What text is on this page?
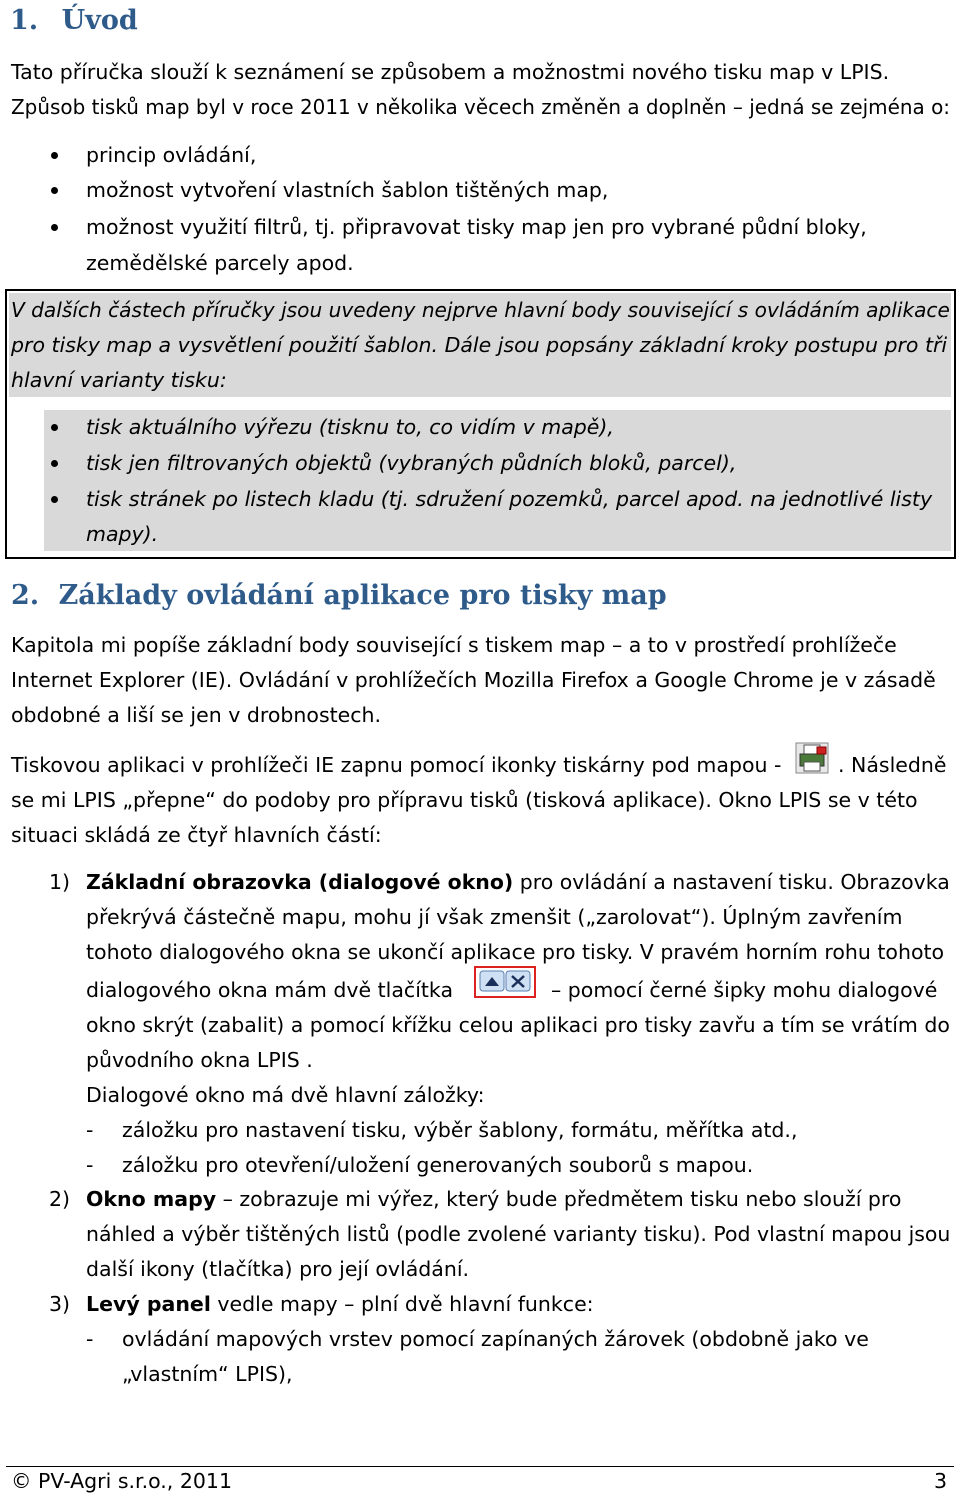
1. Úvod
Tato příručka slouží k seznámení se způsobem a možnostmi nového tisku map v LPIS.
Způsob tisků map byl v roce 2011 v několika věcech změněn a doplněn – jedná se zejména o:
princip ovládání,
možnost vytvoření vlastních šablon tištěných map,
možnost využití filtrů, tj. připravovat tisky map jen pro vybrané půdní bloky,
zemědělské parcely apod.
V dalších částech příručky jsou uvedeny nejprve hlavní body související s ovládáním aplikace
pro tisky map a vysvětlení použití šablon. Dále jsou popsány základní kroky postupu pro tři
hlavní varianty tisku:
tisk aktuálního výřezu (tisknu to, co vidím v mapě),
tisk jen filtrovaných objektů (vybraných půdních bloků, parcel),
tisk stránek po listech kladu (tj. sdružení pozemků, parcel apod. na jednotlivé listy
mapy).
2. Základy ovládání aplikace pro tisky map
Kapitola mi popíše základní body související s tiskem map – a to v prostředí prohlížeče
Internet Explorer (IE). Ovládání v prohlížečích Mozilla Firefox a Google Chrome je v zásadě
obdobné a liší se jen v drobnostech.
Tiskovou aplikaci v prohlížeči IE zapnu pomocí ikonky tiskárny pod mapou -	. Následně
se mi LPIS „přepne“ do podoby pro přípravu tisků (tisková aplikace). Okno LPIS se v této
situaci skládá ze čtyř hlavních částí:
1) Základní obrazovka (dialogové okno) pro ovládání a nastavení tisku. Obrazovka
překrývá částečně mapu, mohu jí však zmenšit („zarolovat“). Úplným zavřením
tohoto dialogového okna se ukončí aplikace pro tisky. V pravém horním rohu tohoto
dialogového okna mám dvě tlačítka	– pomocí černé šipky mohu dialogové
okno skrýt (zabalit) a pomocí křížku celou aplikaci pro tisky zavřu a tím se vrátím do
původního okna LPIS .
Dialogové okno má dvě hlavní záložky:
- záložku pro nastavení tisku, výběr šablony, formátu, měřítka atd.,
- záložku pro otevření/uložení generovaných souborů s mapou.
2) Okno mapy – zobrazuje mi výřez, který bude předmětem tisku nebo slouží pro
náhled a výběr tištěných listů (podle zvolené varianty tisku). Pod vlastní mapou jsou
další ikony (tlačítka) pro její ovládání.
3) Levý panel vedle mapy – plní dvě hlavní funkce:
- ovládání mapových vrstev pomocí zapínaných žárovek (obdobně jako ve
„vlastním“ LPIS),
© PV-Agri s.r.o., 2011	3
